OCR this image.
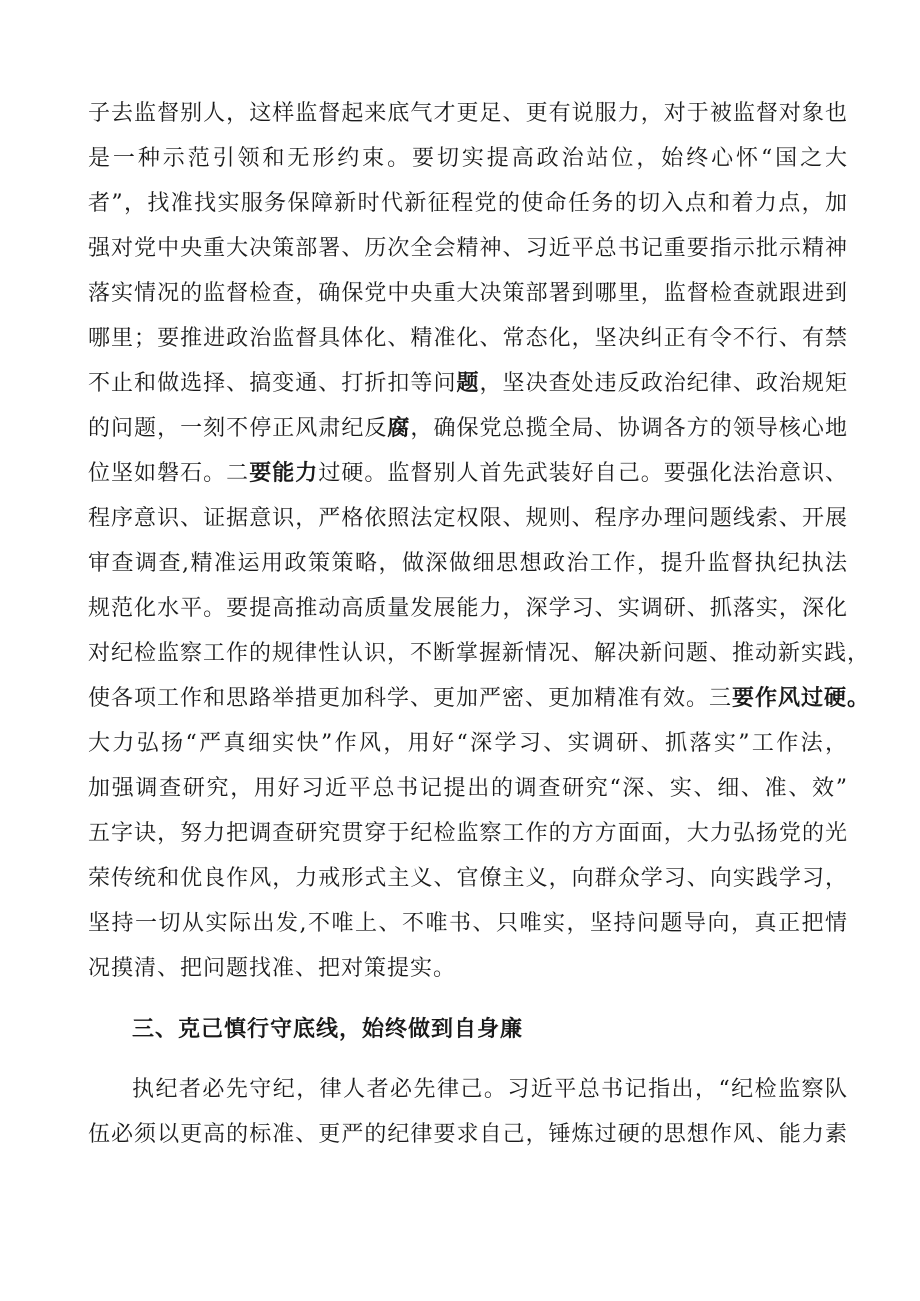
子去监督别人，这样监督起来底气才更足、更有说服力，对于被监督对象也
是一种示范引领和无形约束。要切实提高政治站位，始终心怀“国之大
者”，找准找实服务保障新时代新征程党的使命任务的切入点和着力点，加
强对党中央重大决策部署、历次全会精神、习近平总书记重要指示批示精神
落实情况的监督检查，确保党中央重大决策部署到哪里，监督检查就跟进到
哪里；要推进政治监督具体化、精准化、常态化，坚决纠正有令不行、有禁
不止和做选择、搞变通、打折扣等问题，坚决查处违反政治纪律、政治规矩
的问题，一刻不停正风肃纪反腐，确保党总揽全局、协调各方的领导核心地
位坚如磐石。二要能力过硬。监督别人首先武装好自己。要强化法治意识、
程序意识、证据意识，严格依照法定权限、规则、程序办理问题线索、开展
审查调查,精准运用政策策略，做深做细思想政治工作，提升监督执纪执法
规范化水平。要提高推动高质量发展能力，深学习、实调研、抓落实，深化
对纪检监察工作的规律性认识，不断掌握新情况、解决新问题、推动新实践，
使各项工作和思路举措更加科学、更加严密、更加精准有效。三要作风过硬。
大力弘扬“严真细实快”作风，用好“深学习、实调研、抓落实”工作法，
加强调查研究，用好习近平总书记提出的调查研究“深、实、细、准、效”
五字诀，努力把调查研究贯穿于纪检监察工作的方方面面，大力弘扬党的光
荣传统和优良作风，力戒形式主义、官僚主义，向群众学习、向实践学习，
坚持一切从实际出发,不唯上、不唯书、只唯实，坚持问题导向，真正把情
况摸清、把问题找准、把对策提实。
三、克己慎行守底线，始终做到自身廉
执纪者必先守纪，律人者必先律己。习近平总书记指出，“纪检监察队
伍必须以更高的标准、更严的纪律要求自己，锤炼过硬的思想作风、能力素
